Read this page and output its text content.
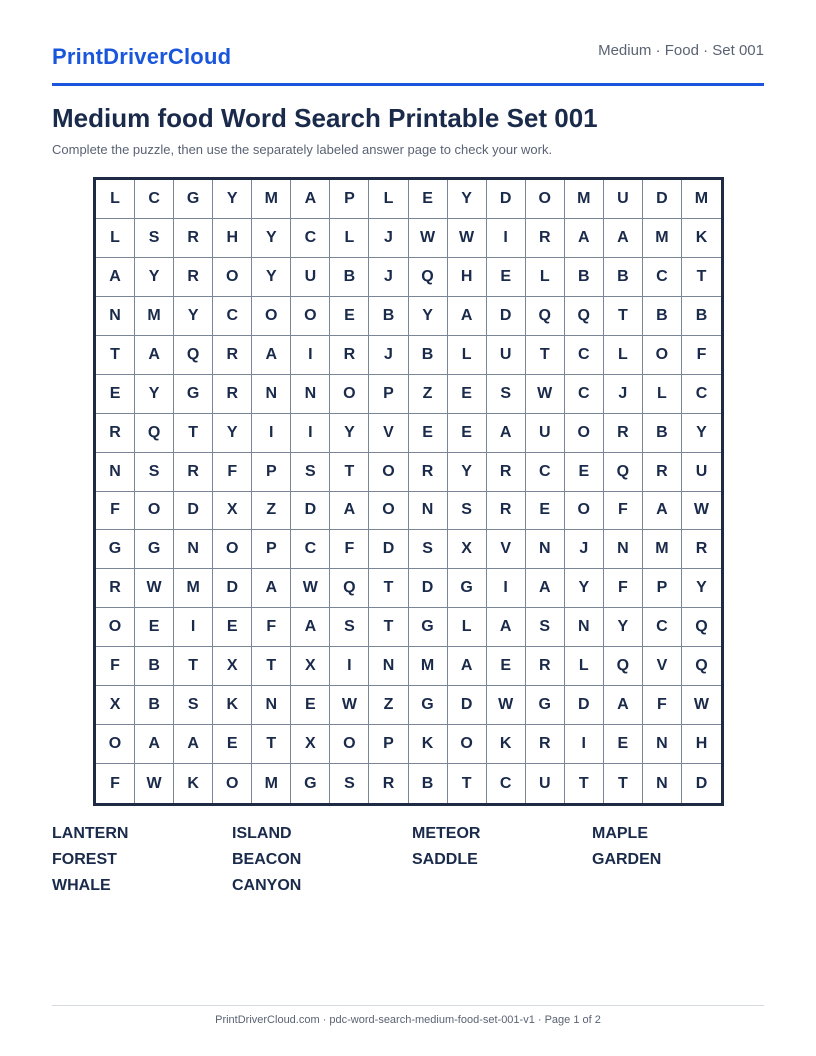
PrintDriverCloud	Medium · Food · Set 001
Medium food Word Search Printable Set 001
Complete the puzzle, then use the separately labeled answer page to check your work.
L	C	G	Y	M	A	P	L	E	Y	D	O	M	U	D	M
L	S	R	H	Y	C	L	J	W	W	I	R	A	A	M	K
A	Y	R	O	Y	U	B	J	Q	H	E	L	B	B	C	T
N	M	Y	C	O	O	E	B	Y	A	D	Q	Q	T	B	B
T	A	Q	R	A	I	R	J	B	L	U	T	C	L	O	F
E	Y	G	R	N	N	O	P	Z	E	S	W	C	J	L	C
R	Q	T	Y	I	I	Y	V	E	E	A	U	O	R	B	Y
N	S	R	F	P	S	T	O	R	Y	R	C	E	Q	R	U
F	O	D	X	Z	D	A	O	N	S	R	E	O	F	A	W
G	G	N	O	P	C	F	D	S	X	V	N	J	N	M	R
R	W	M	D	A	W	Q	T	D	G	I	A	Y	F	P	Y
O	E	I	E	F	A	S	T	G	L	A	S	N	Y	C	Q
F	B	T	X	T	X	I	N	M	A	E	R	L	Q	V	Q
X	B	S	K	N	E	W	Z	G	D	W	G	D	A	F	W
O	A	A	E	T	X	O	P	K	O	K	R	I	E	N	H
F	W	K	O	M	G	S	R	B	T	C	U	T	T	N	D
LANTERN	ISLAND	METEOR	MAPLE
FOREST	BEACON	SADDLE	GARDEN
WHALE	CANYON
PrintDriverCloud.com · pdc-word-search-medium-food-set-001-v1 · Page 1 of 2
